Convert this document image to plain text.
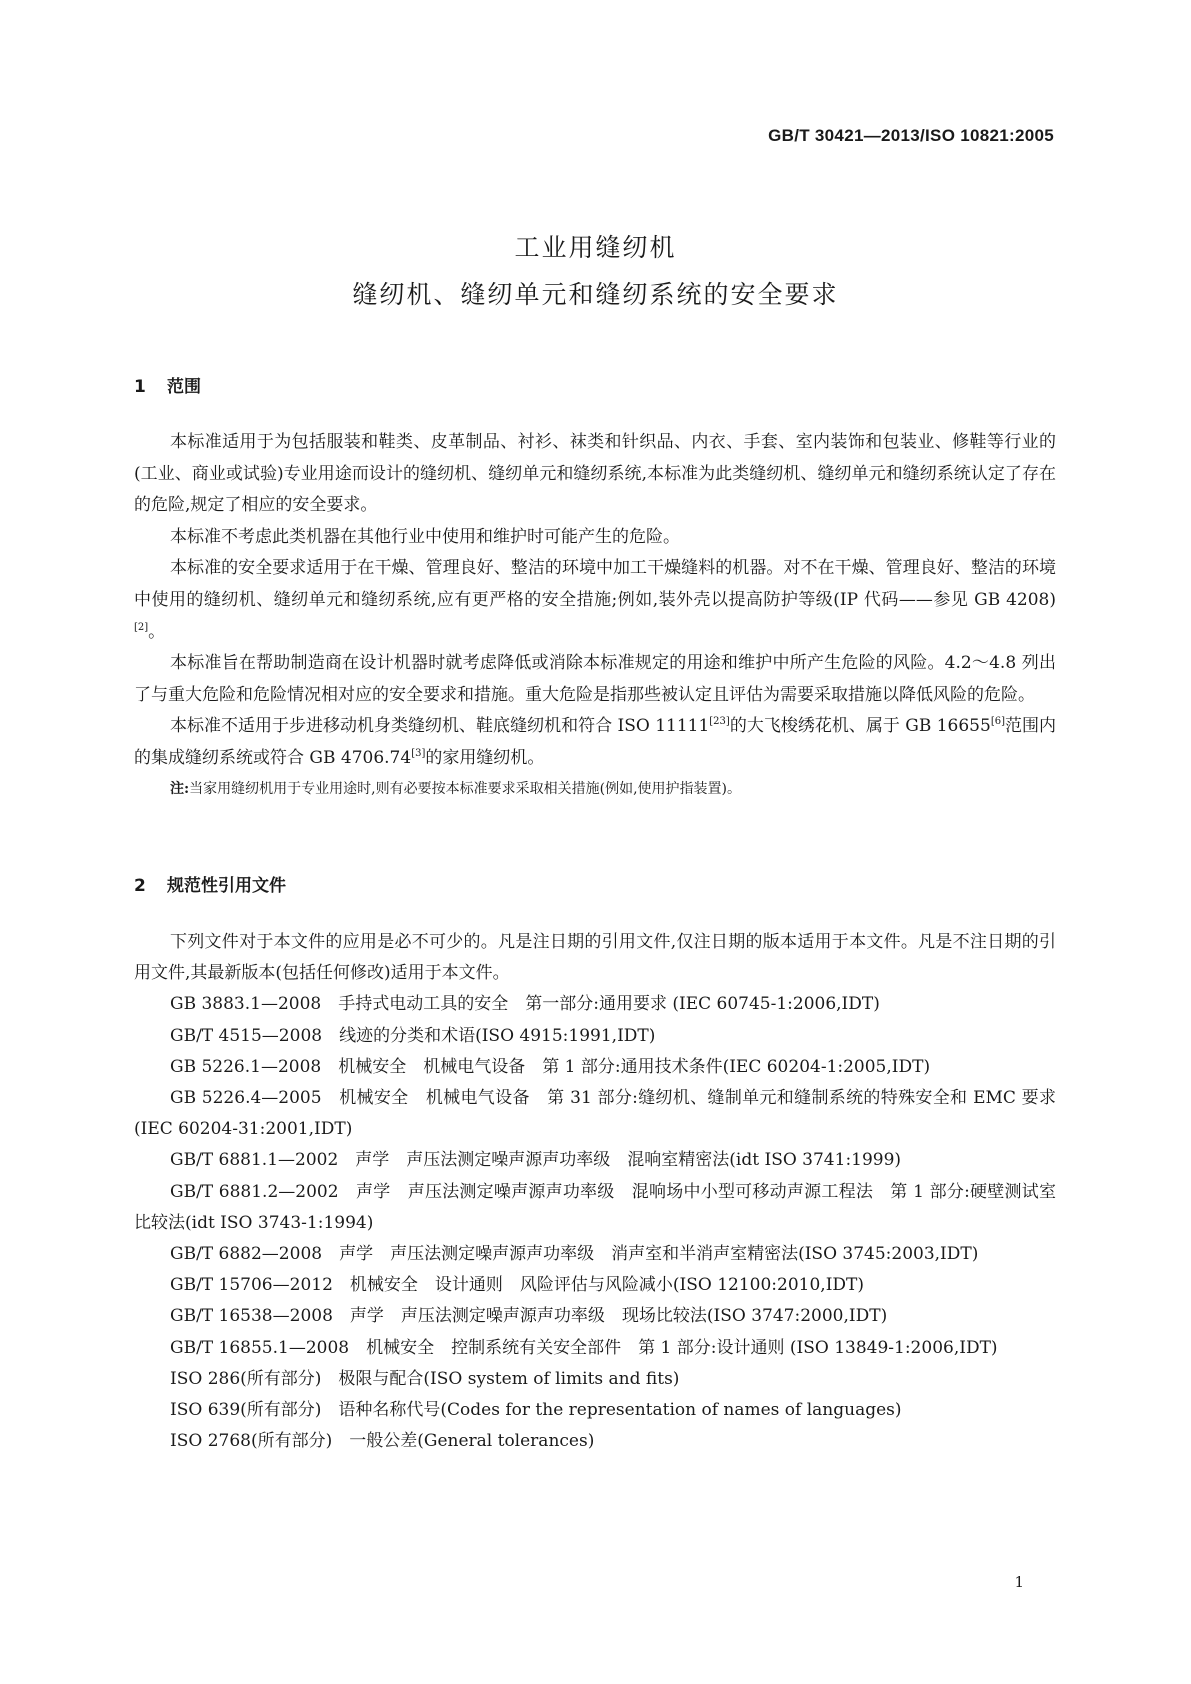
GB/T 30421—2013/ISO 10821:2005
工业用缝纫机
缝纫机、缝纫单元和缝纫系统的安全要求
1 范围

本标准适用于为包括服装和鞋类、皮革制品、衬衫、袜类和针织品、内衣、手套、室内装饰和包装业、修鞋等行业的(工业、商业或试验)专业用途而设计的缝纫机、缝纫单元和缝纫系统,本标准为此类缝纫机、缝纫单元和缝纫系统认定了存在的危险,规定了相应的安全要求。

本标准不考虑此类机器在其他行业中使用和维护时可能产生的危险。

本标准的安全要求适用于在干燥、管理良好、整洁的环境中加工干燥缝料的机器。对不在干燥、管理良好、整洁的环境中使用的缝纫机、缝纫单元和缝纫系统,应有更严格的安全措施;例如,装外壳以提高防护等级(IP 代码——参见 GB 4208)[2]。

本标准旨在帮助制造商在设计机器时就考虑降低或消除本标准规定的用途和维护中所产生危险的风险。4.2～4.8 列出了与重大危险和危险情况相对应的安全要求和措施。重大危险是指那些被认定且评估为需要采取措施以降低风险的危险。

本标准不适用于步进移动机身类缝纫机、鞋底缝纫机和符合 ISO 11111[23]的大飞梭绣花机、属于 GB 16655[6]范围内的集成缝纫系统或符合 GB 4706.74[3]的家用缝纫机。

注:当家用缝纫机用于专业用途时,则有必要按本标准要求采取相关措施(例如,使用护指装置)。

2 规范性引用文件

下列文件对于本文件的应用是必不可少的。凡是注日期的引用文件,仅注日期的版本适用于本文件。凡是不注日期的引用文件,其最新版本(包括任何修改)适用于本文件。

GB 3883.1—2008　手持式电动工具的安全　第一部分:通用要求 (IEC 60745-1:2006,IDT)

GB/T 4515—2008　线迹的分类和术语(ISO 4915:1991,IDT)

GB 5226.1—2008　机械安全　机械电气设备　第 1 部分:通用技术条件(IEC 60204-1:2005,IDT)

GB 5226.4—2005　机械安全　机械电气设备　第 31 部分:缝纫机、缝制单元和缝制系统的特殊安全和 EMC 要求(IEC 60204-31:2001,IDT)

GB/T 6881.1—2002　声学　声压法测定噪声源声功率级　混响室精密法(idt ISO 3741:1999)

GB/T 6881.2—2002　声学　声压法测定噪声源声功率级　混响场中小型可移动声源工程法　第 1 部分:硬壁测试室比较法(idt ISO 3743-1:1994)

GB/T 6882—2008　声学　声压法测定噪声源声功率级　消声室和半消声室精密法(ISO 3745:2003,IDT)

GB/T 15706—2012　机械安全　设计通则　风险评估与风险减小(ISO 12100:2010,IDT)

GB/T 16538—2008　声学　声压法测定噪声源声功率级　现场比较法(ISO 3747:2000,IDT)

GB/T 16855.1—2008　机械安全　控制系统有关安全部件　第 1 部分:设计通则 (ISO 13849-1:2006,IDT)

ISO 286(所有部分)　极限与配合(ISO system of limits and fits)

ISO 639(所有部分)　语种名称代号(Codes for the representation of names of languages)

ISO 2768(所有部分)　一般公差(General tolerances)

1
